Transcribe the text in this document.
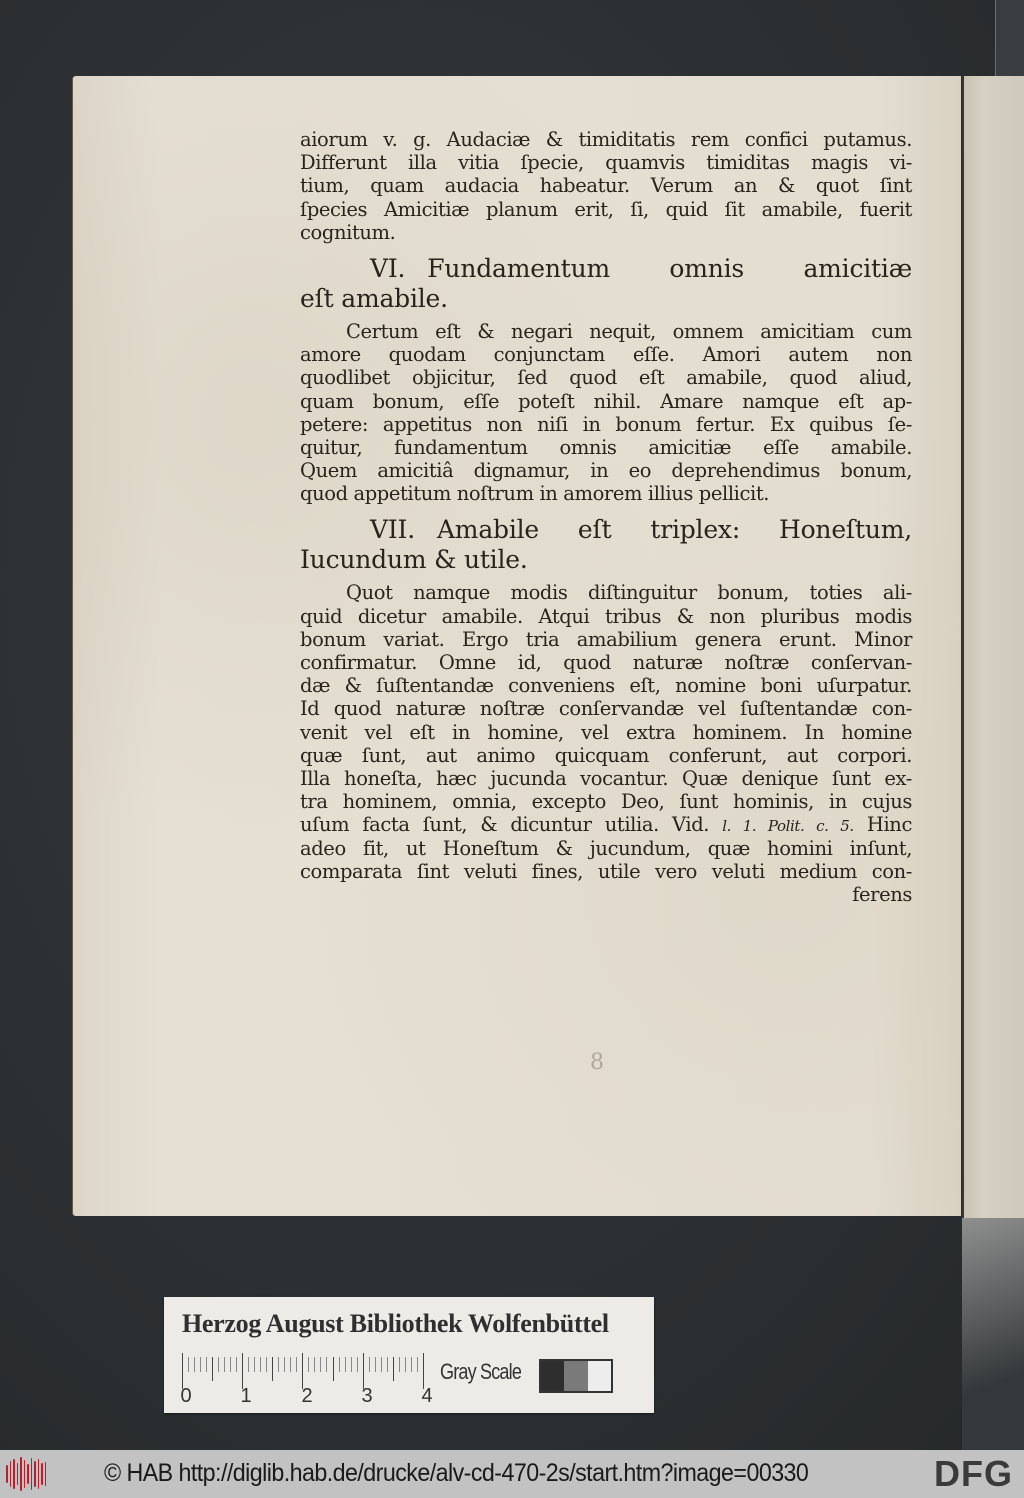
aiorum v. g. Audaciæ & timiditatis rem confici putamus.
Differunt illa vitia ſpecie, quamvis timiditas magis vi-
tium, quam audacia habeatur. Verum an & quot ſint
ſpecies Amicitiæ planum erit, ſi, quid ſit amabile, fuerit
cognitum.
VI. Fundamentum omnis amicitiæ
eſt amabile.
Certum eſt & negari nequit, omnem amicitiam cum
amore quodam conjunctam eſſe. Amori autem non
quodlibet objicitur, ſed quod eſt amabile, quod aliud,
quam bonum, eſſe poteſt nihil. Amare namque eſt ap-
petere: appetitus non niſi in bonum fertur. Ex quibus ſe-
quitur, fundamentum omnis amicitiæ eſſe amabile.
Quem amicitiâ dignamur, in eo deprehendimus bonum,
quod appetitum noſtrum in amorem illius pellicit.
VII. Amabile eſt triplex: Honeſtum,
Iucundum & utile.
Quot namque modis diſtinguitur bonum, toties ali-
quid dicetur amabile. Atqui tribus & non pluribus modis
bonum variat. Ergo tria amabilium genera erunt. Minor
confirmatur. Omne id, quod naturæ noſtræ conſervan-
dæ & ſuſtentandæ conveniens eſt, nomine boni uſurpatur.
Id quod naturæ noſtræ conſervandæ vel ſuſtentandæ con-
venit vel eſt in homine, vel extra hominem. In homine
quæ ſunt, aut animo quicquam conferunt, aut corpori.
Illa honeſta, hæc jucunda vocantur. Quæ denique ſunt ex-
tra hominem, omnia, excepto Deo, ſunt hominis, in cujus
uſum facta ſunt, & dicuntur utilia. Vid. l. 1. Polit. c. 5. Hinc
adeo fit, ut Honeſtum & jucundum, quæ homini inſunt,
comparata ſint veluti fines, utile vero veluti medium con-
ferens
8
Herzog August Bibliothek Wolfenbüttel
0 1 2 3 4
Gray Scale
© HAB http://diglib.hab.de/drucke/alv-cd-470-2s/start.htm?image=00330	DFG
